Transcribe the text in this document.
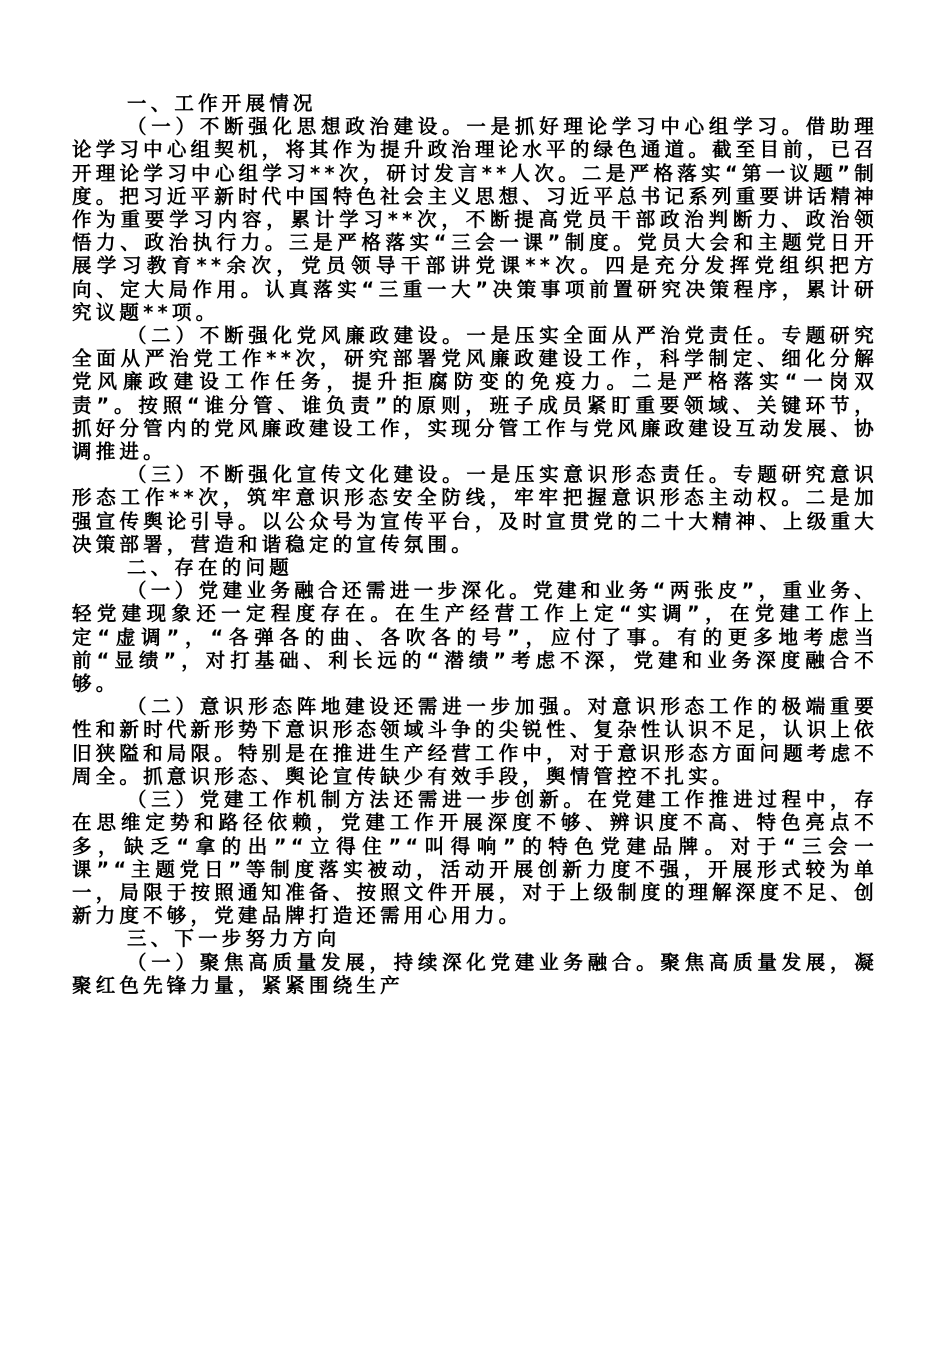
一、工作开展情况

（一）不断强化思想政治建设。一是抓好理论学习中心组学习。借助理论学习中心组契机，将其作为提升政治理论水平的绿色通道。截至目前，已召开理论学习中心组学习**次，研讨发言**人次。二是严格落实“第一议题”制度。把习近平新时代中国特色社会主义思想、习近平总书记系列重要讲话精神作为重要学习内容，累计学习**次，不断提高党员干部政治判断力、政治领悟力、政治执行力。三是严格落实“三会一课”制度。党员大会和主题党日开展学习教育**余次，党员领导干部讲党课**次。四是充分发挥党组织把方向、定大局作用。认真落实“三重一大”决策事项前置研究决策程序，累计研究议题**项。

（二）不断强化党风廉政建设。一是压实全面从严治党责任。专题研究全面从严治党工作**次，研究部署党风廉政建设工作，科学制定、细化分解党风廉政建设工作任务，提升拒腐防变的免疫力。二是严格落实“一岗双责”。按照“谁分管、谁负责”的原则，班子成员紧盯重要领域、关键环节，抓好分管内的党风廉政建设工作，实现分管工作与党风廉政建设互动发展、协调推进。

（三）不断强化宣传文化建设。一是压实意识形态责任。专题研究意识形态工作**次，筑牢意识形态安全防线，牢牢把握意识形态主动权。二是加强宣传舆论引导。以公众号为宣传平台，及时宣贯党的二十大精神、上级重大决策部署，营造和谐稳定的宣传氛围。

二、存在的问题

（一）党建业务融合还需进一步深化。党建和业务“两张皮”，重业务、轻党建现象还一定程度存在。在生产经营工作上定“实调”，在党建工作上定“虚调”，“各弹各的曲、各吹各的号”，应付了事。有的更多地考虑当前“显绩”，对打基础、利长远的“潜绩”考虑不深，党建和业务深度融合不够。

（二）意识形态阵地建设还需进一步加强。对意识形态工作的极端重要性和新时代新形势下意识形态领域斗争的尖锐性、复杂性认识不足，认识上依旧狭隘和局限。特别是在推进生产经营工作中，对于意识形态方面问题考虑不周全。抓意识形态、舆论宣传缺少有效手段，舆情管控不扎实。

（三）党建工作机制方法还需进一步创新。在党建工作推进过程中，存在思维定势和路径依赖，党建工作开展深度不够、辨识度不高、特色亮点不多，缺乏“拿的出”“立得住”“叫得响”的特色党建品牌。对于“三会一课”“主题党日”等制度落实被动，活动开展创新力度不强，开展形式较为单一，局限于按照通知准备、按照文件开展，对于上级制度的理解深度不足、创新力度不够，党建品牌打造还需用心用力。

三、下一步努力方向

（一）聚焦高质量发展，持续深化党建业务融合。聚焦高质量发展，凝聚红色先锋力量，紧紧围绕生产
